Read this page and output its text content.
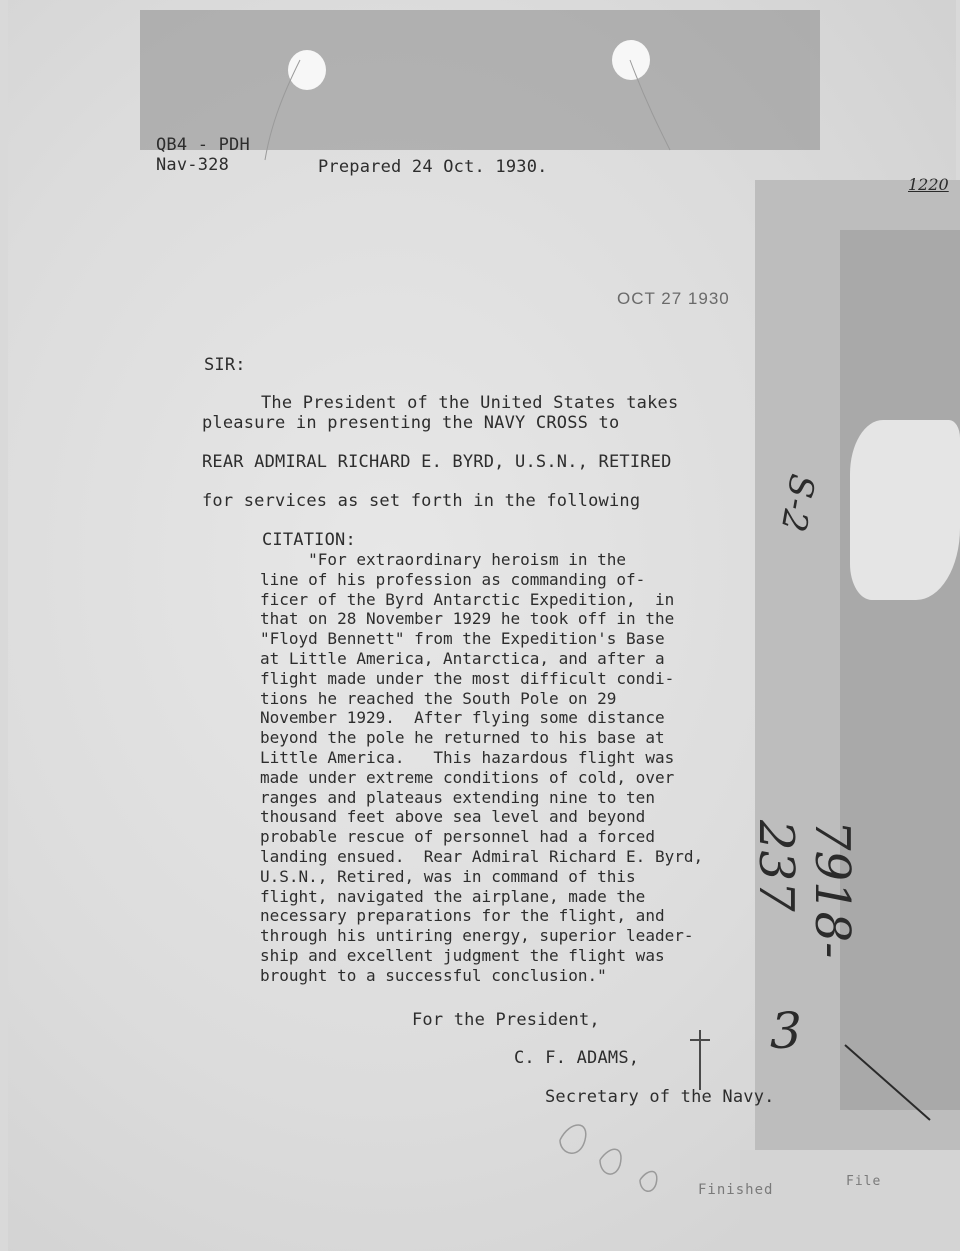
QB4 - PDH
Nav-328	Prepared 24 Oct. 1930.
OCT 27 1930
SIR:
The President of the United States takes
pleasure in presenting the NAVY CROSS to
REAR ADMIRAL RICHARD E. BYRD, U.S.N., RETIRED
for services as set forth in the following
CITATION:
"For extraordinary heroism in the
line of his profession as commanding of-
ficer of the Byrd Antarctic Expedition,  in
that on 28 November 1929 he took off in the
"Floyd Bennett" from the Expedition's Base
at Little America, Antarctica, and after a
flight made under the most difficult condi-
tions he reached the South Pole on 29
November 1929.  After flying some distance
beyond the pole he returned to his base at
Little America.   This hazardous flight was
made under extreme conditions of cold, over
ranges and plateaus extending nine to ten
thousand feet above sea level and beyond
probable rescue of personnel had a forced
landing ensued.  Rear Admiral Richard E. Byrd,
U.S.N., Retired, was in command of this
flight, navigated the airplane, made the
necessary preparations for the flight, and
through his untiring energy, superior leader-
ship and excellent judgment the flight was
brought to a successful conclusion."
For the President,
C. F. ADAMS,
Secretary of the Navy.
Finished
File
7918-237
S-2
3
1220
